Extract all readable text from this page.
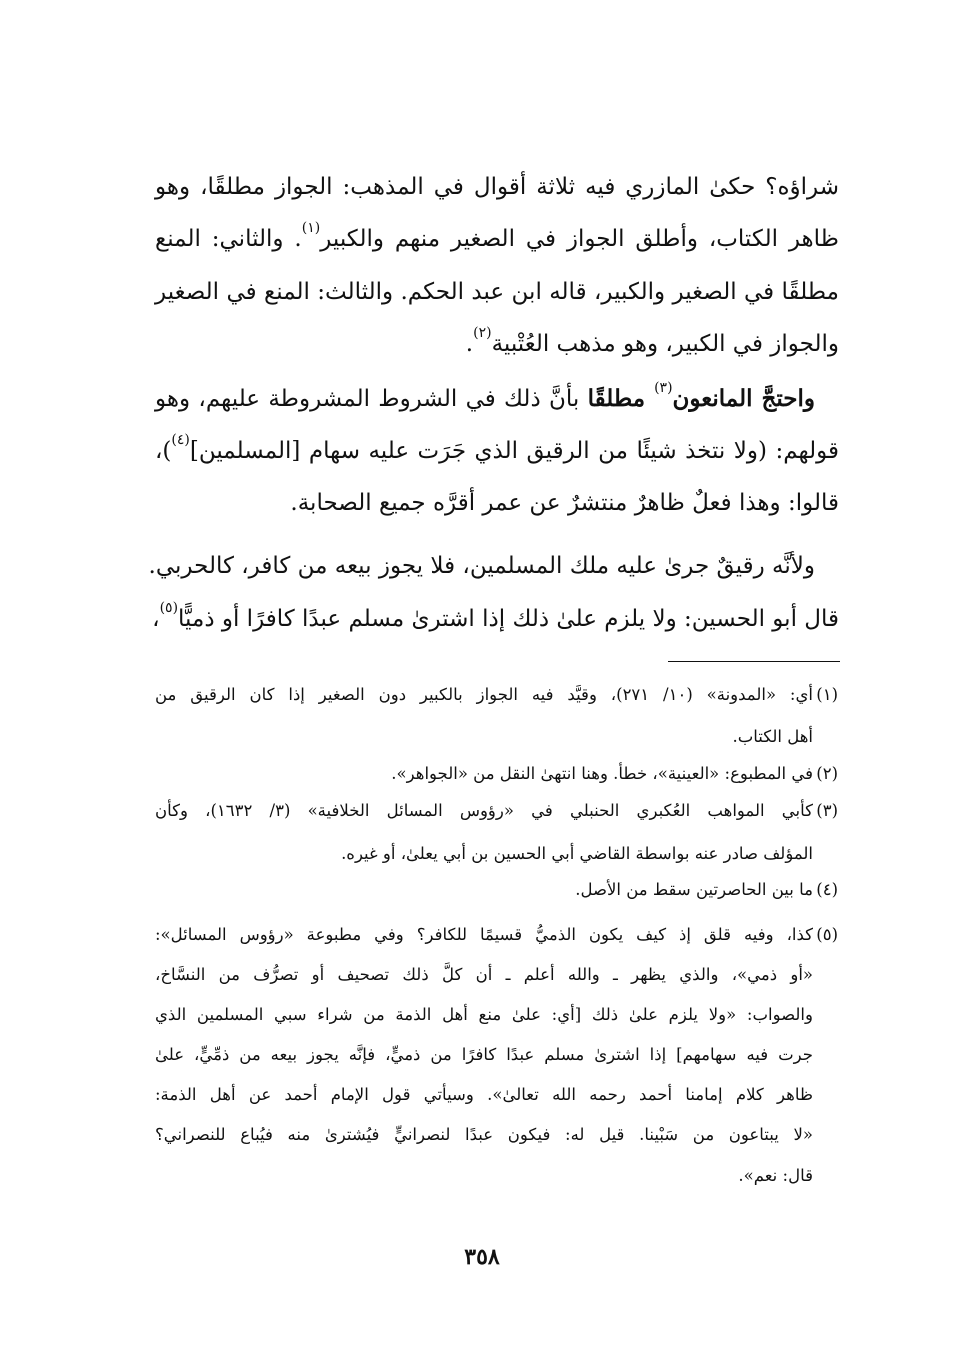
شراؤه؟ حكىٰ المازري فيه ثلاثة أقوال في المذهب: الجواز مطلقًا، وهو
ظاهر الكتاب، وأطلق الجواز في الصغير منهم والكبير$^{(١)}$. والثاني: المنع
مطلقًا في الصغير والكبير، قاله ابن عبد الحكم. والثالث: المنع في الصغير
والجواز في الكبير، وهو مذهب العُتْبية$^{(٢)}$.
واحتجَّ المانعون$^{(٣)}$ مطلقًا بأنَّ ذلك في الشروط المشروطة عليهم، وهو
قولهم: (ولا نتخذ شيئًا من الرقيق الذي جَرَت عليه سهام [المسلمين]$^{(٤)}$)،
قالوا: وهذا فعلٌ ظاهرٌ منتشرٌ عن عمر أقرَّه جميع الصحابة.
ولأنَّه رقيقٌ جرىٰ عليه ملك المسلمين، فلا يجوز بيعه من كافر، كالحربي.
قال أبو الحسين: ولا يلزم علىٰ ذلك إذا اشترىٰ مسلم عبدًا كافرًا أو ذميًّا$^{(٥)}$،
(١)
أي: «المدونة» (١٠/ ٢٧١)، وقيَّد فيه الجواز بالكبير دون الصغير إذا كان الرقيق من
أهل الكتاب.
(٢)
في المطبوع: «العينية»، خطأ. وهنا انتهىٰ النقل من «الجواهر».
(٣)
كأبي المواهب العُكبري الحنبلي في «رؤوس المسائل الخلافية» (٣/ ١٦٣٢)، وكأن
المؤلف صادر عنه بواسطة القاضي أبي الحسين بن أبي يعلىٰ، أو غيره.
(٤)
ما بين الحاصرتين سقط من الأصل.
(٥)
كذا، وفيه قلق إذ كيف يكون الذميُّ قسيمًا للكافر؟ وفي مطبوعة «رؤوس المسائل»:
«أو ذمي»، والذي يظهر ـ والله أعلم ـ أن كلَّ ذلك تصحيف أو تصرُّف من النسَّاخ،
والصواب: «ولا يلزم علىٰ ذلك [أي: علىٰ منع أهل الذمة من شراء سبي المسلمين الذي
جرت فيه سهامهم] إذا اشترىٰ مسلم عبدًا كافرًا من ذميٍّ، فإنَّه يجوز بيعه من ذمِّيٍّ، علىٰ
ظاهر كلام إمامنا أحمد رحمه الله تعالىٰ». وسيأتي قول الإمام أحمد عن أهل الذمة:
«لا يبتاعون من سَبْينا. قيل له: فيكون عبدًا لنصرانيٍّ فيُشترىٰ منه فيُباع للنصراني؟
قال: نعم».
٣٥٨
